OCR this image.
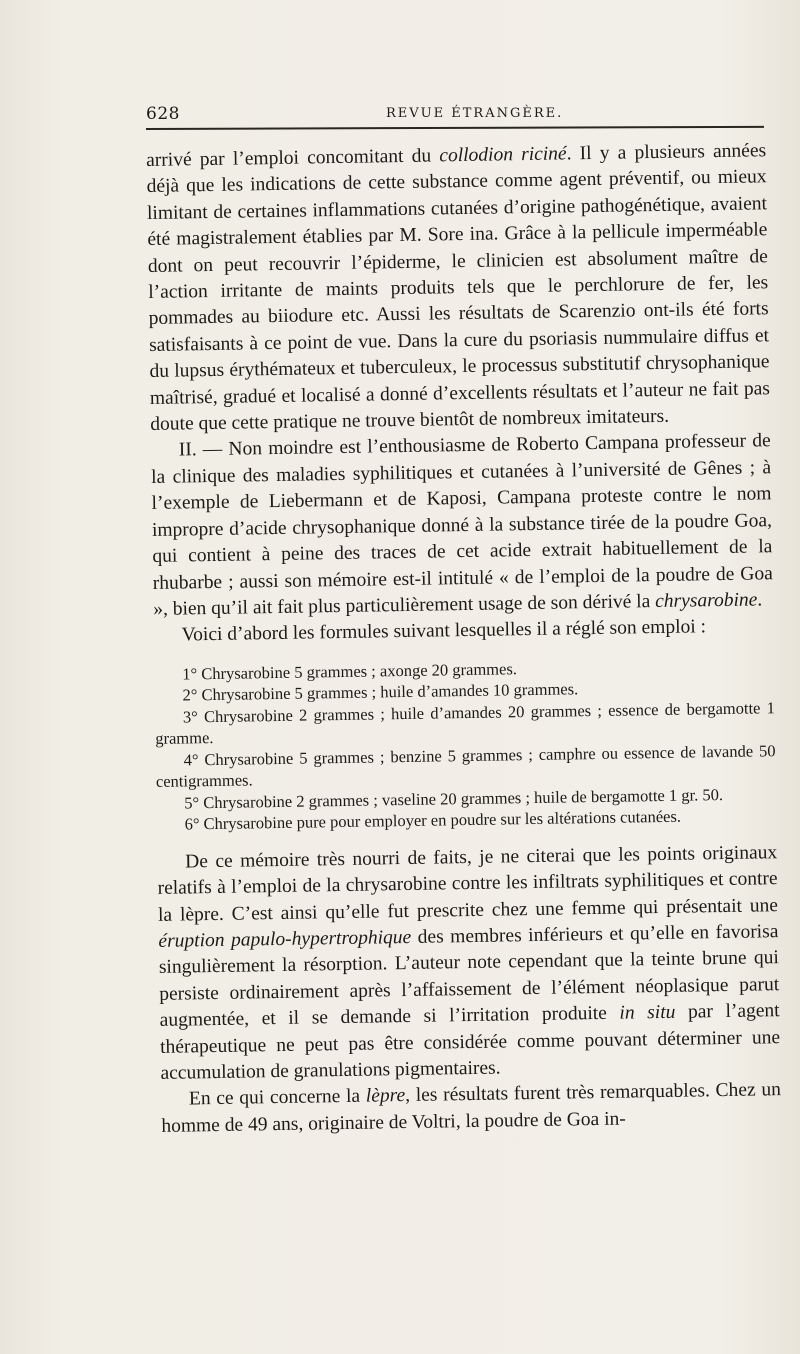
628	REVUE ÉTRANGÈRE.

arrivé par l’emploi concomitant du collodion riciné. Il y a plusieurs années déjà que les indications de cette substance comme agent préventif, ou mieux limitant de certaines inflammations cutanées d’origine pathogénétique, avaient été magistralement établies par M. Sore ina. Grâce à la pellicule imperméable dont on peut recouvrir l’épiderme, le clinicien est absolument maître de l’action irritante de maints produits tels que le perchlorure de fer, les pommades au biiodure etc. Aussi les résultats de Scarenzio ont-ils été forts satisfaisants à ce point de vue. Dans la cure du psoriasis nummulaire diffus et du lupsus érythémateux et tuberculeux, le processus substitutif chrysophanique maîtrisé, gradué et localisé a donné d’excellents résultats et l’auteur ne fait pas doute que cette pratique ne trouve bientôt de nombreux imitateurs.

II. — Non moindre est l’enthousiasme de Roberto Campana professeur de la clinique des maladies syphilitiques et cutanées à l’université de Gênes ; à l’exemple de Liebermann et de Kaposi, Campana proteste contre le nom impropre d’acide chrysophanique donné à la substance tirée de la poudre Goa, qui contient à peine des traces de cet acide extrait habituellement de la rhubarbe ; aussi son mémoire est-il intitulé « de l’emploi de la poudre de Goa », bien qu’il ait fait plus particulièrement usage de son dérivé la chrysarobine.

Voici d’abord les formules suivant lesquelles il a réglé son emploi :

1° Chrysarobine 5 grammes ; axonge 20 grammes.

2° Chrysarobine 5 grammes ; huile d’amandes 10 grammes.

3° Chrysarobine 2 grammes ; huile d’amandes 20 grammes ; essence de bergamotte 1 gramme.

4° Chrysarobine 5 grammes ; benzine 5 grammes ; camphre ou essence de lavande 50 centigrammes.

5° Chrysarobine 2 grammes ; vaseline 20 grammes ; huile de bergamotte 1 gr. 50.

6° Chrysarobine pure pour employer en poudre sur les altérations cutanées.

De ce mémoire très nourri de faits, je ne citerai que les points originaux relatifs à l’emploi de la chrysarobine contre les infiltrats syphilitiques et contre la lèpre. C’est ainsi qu’elle fut prescrite chez une femme qui présentait une éruption papulo-hypertrophique des membres inférieurs et qu’elle en favorisa singulièrement la résorption. L’auteur note cependant que la teinte brune qui persiste ordinairement après l’affaissement de l’élément néoplasique parut augmentée, et il se demande si l’irritation produite in situ par l’agent thérapeutique ne peut pas être considérée comme pouvant déterminer une accumulation de granulations pigmentaires.

En ce qui concerne la lèpre, les résultats furent très remarquables. Chez un homme de 49 ans, originaire de Voltri, la poudre de Goa in-
